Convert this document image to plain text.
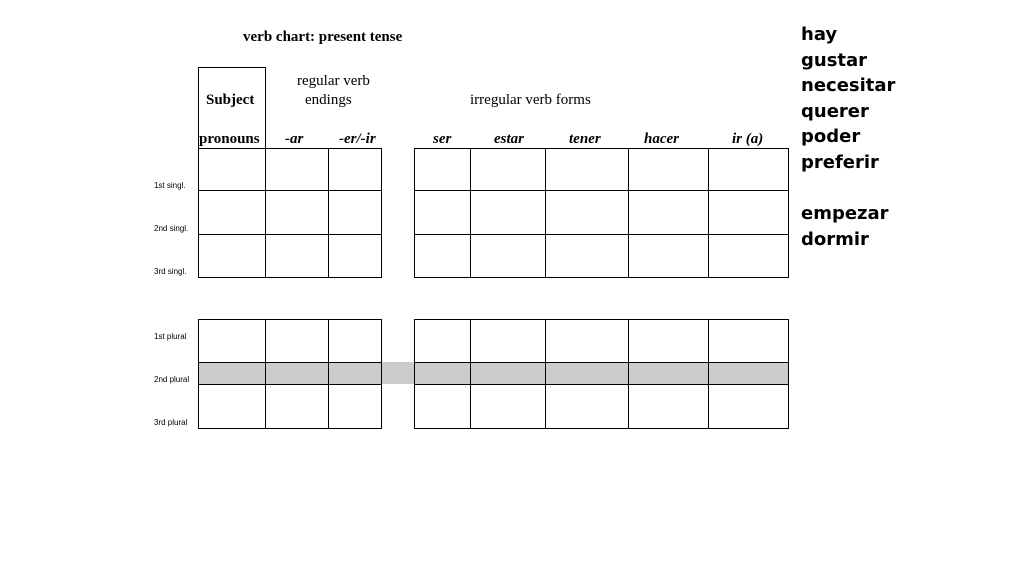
verb chart: present tense
Subject
pronouns
regular verb
endings	irregular verb forms
-ar -er/-ir	ser	estar	tener	hacer	ir (a)
1st singl.
2nd singl.
3rd singl.
1st plural
2nd plural
3rd plural
hay
gustar
necesitar
querer
poder
preferir
empezar
dormir
